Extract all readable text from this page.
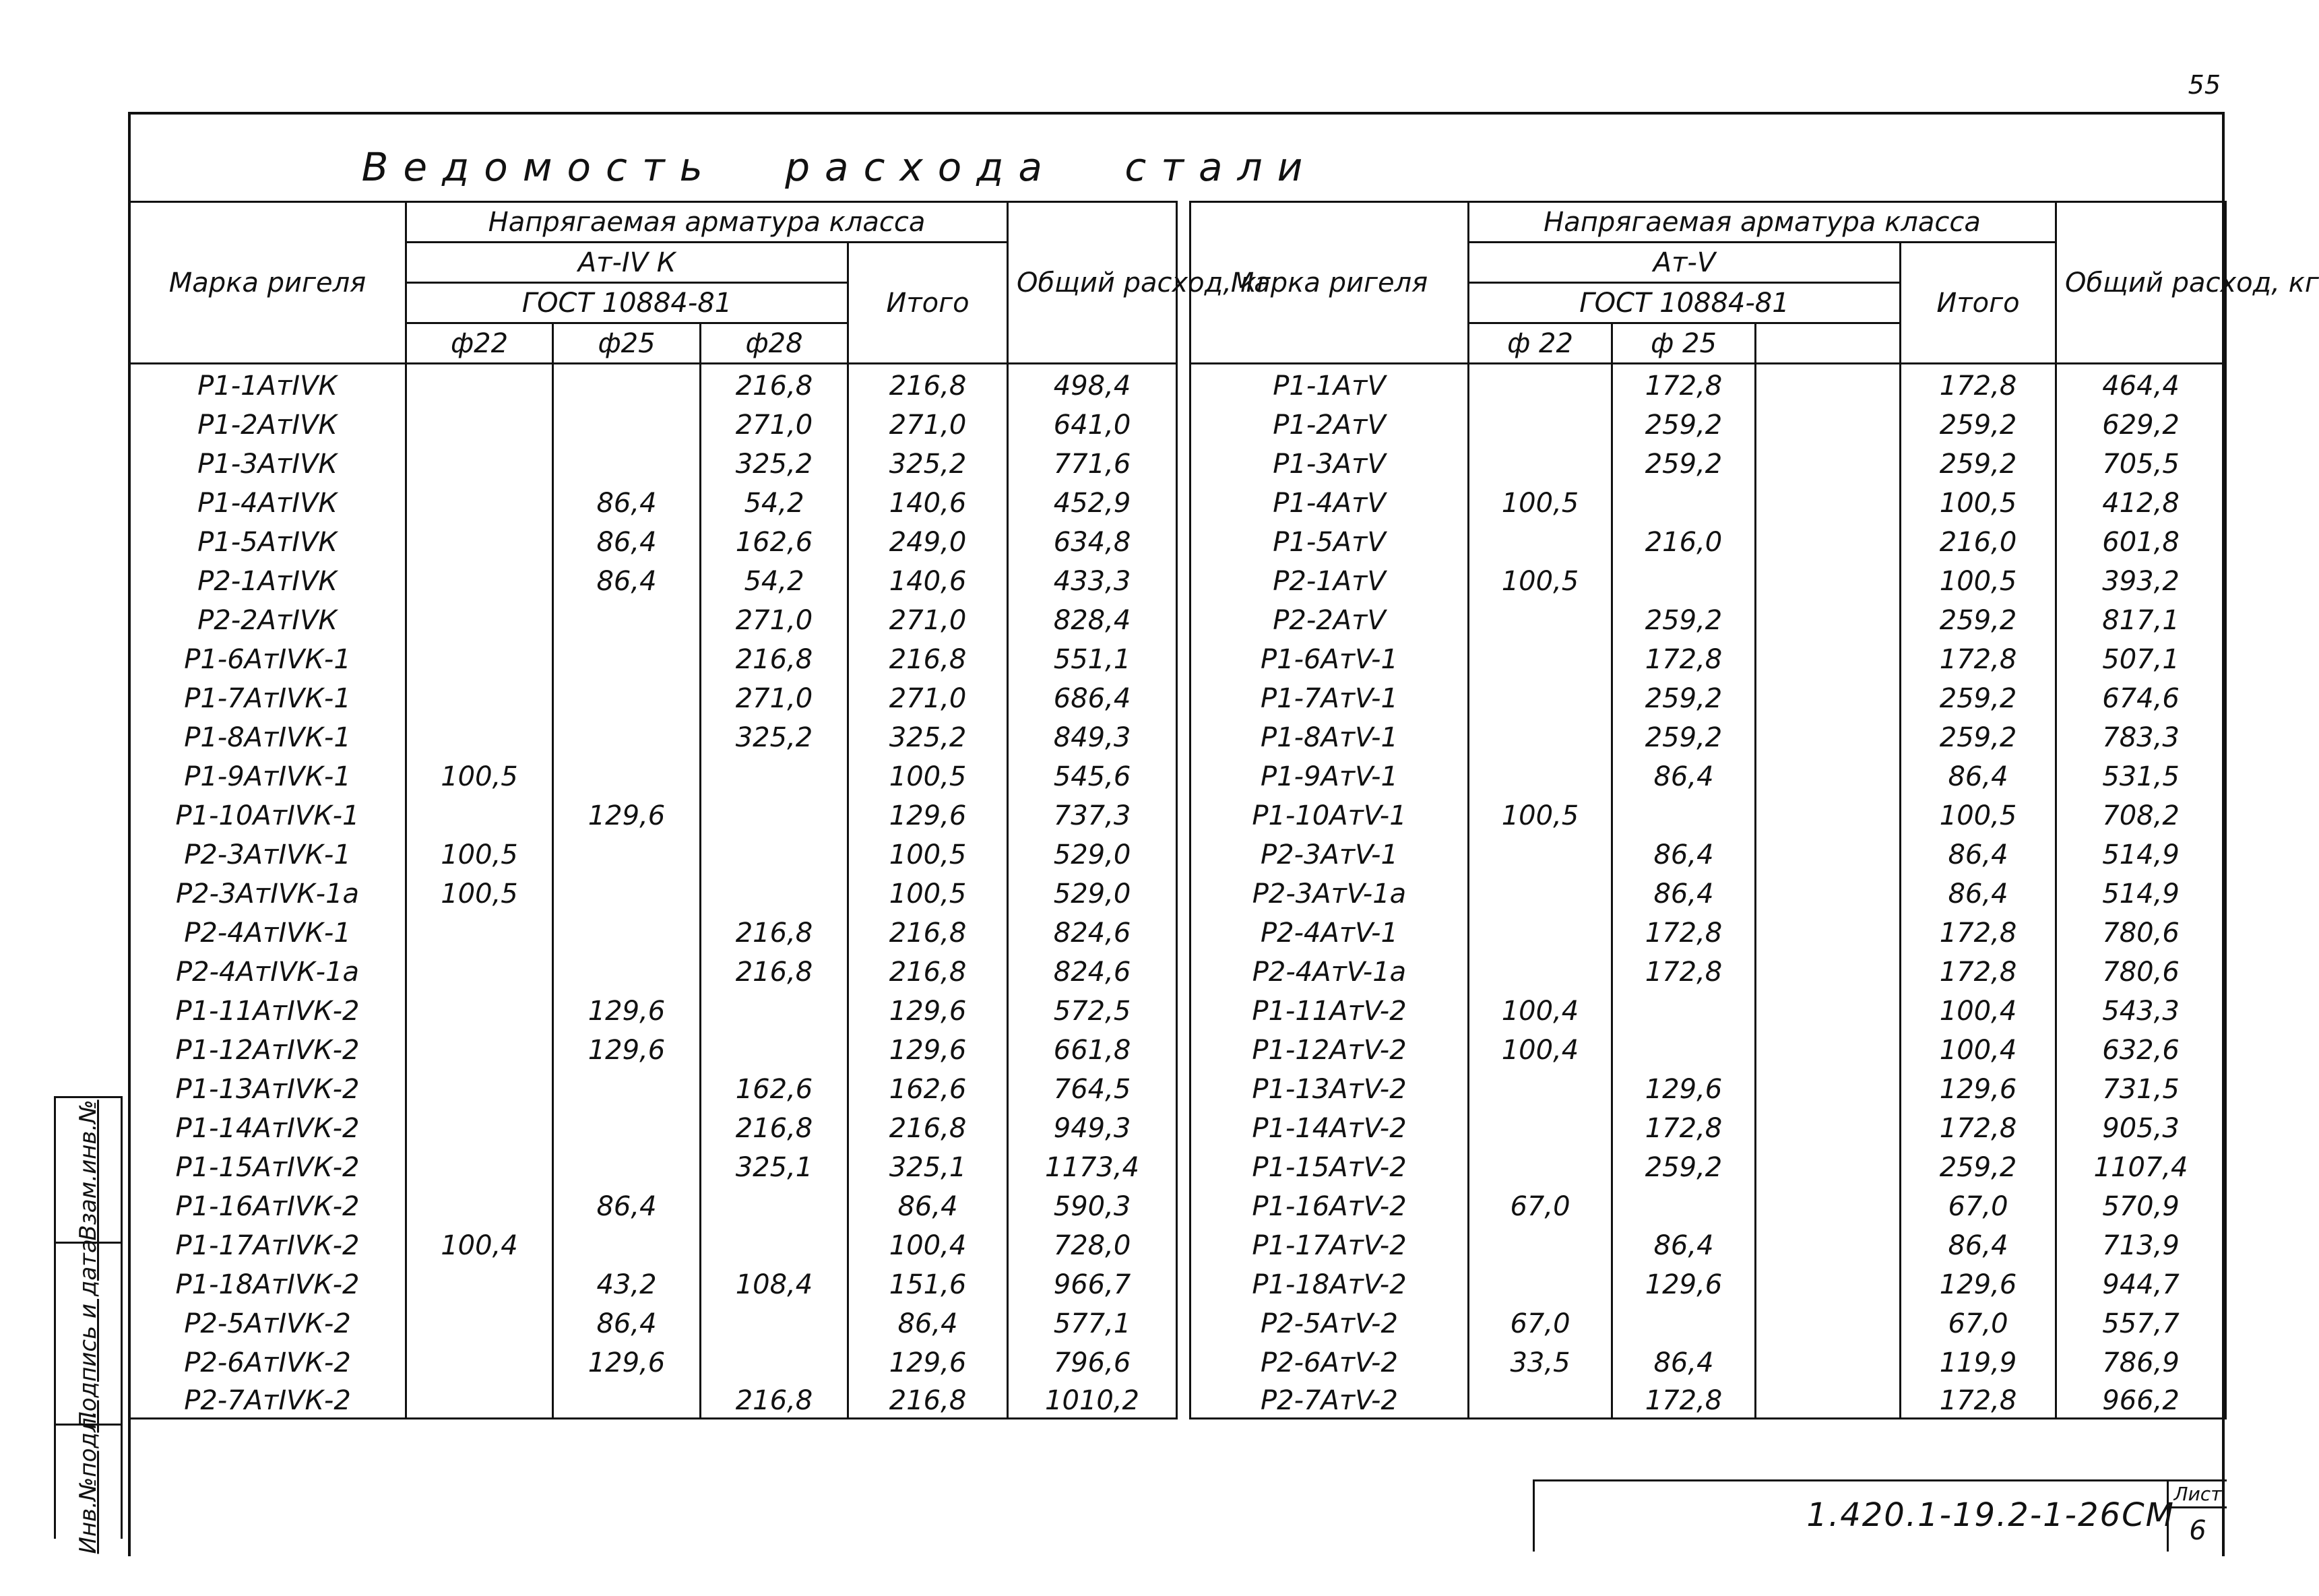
55
Ведомость расхода стали
Марка ригеля	Напрягаемая арматура класса				Общий расход, кг
	Ат-IV К			Итого	
	ГОСТ 10884-81				
	ф22	ф25	ф28		
Р1-1АтIVК			216,8	216,8	498,4
Р1-2АтIVК			271,0	271,0	641,0
Р1-3АтIVК			325,2	325,2	771,6
Р1-4АтIVК		86,4	54,2	140,6	452,9
Р1-5АтIVК		86,4	162,6	249,0	634,8
Р2-1АтIVК		86,4	54,2	140,6	433,3
Р2-2АтIVК			271,0	271,0	828,4
Р1-6АтIVК-1			216,8	216,8	551,1
Р1-7АтIVК-1			271,0	271,0	686,4
Р1-8АтIVК-1			325,2	325,2	849,3
Р1-9АтIVК-1	100,5			100,5	545,6
Р1-10АтIVК-1		129,6		129,6	737,3
Р2-3АтIVК-1	100,5			100,5	529,0
Р2-3АтIVК-1а	100,5			100,5	529,0
Р2-4АтIVК-1			216,8	216,8	824,6
Р2-4АтIVК-1а			216,8	216,8	824,6
Р1-11АтIVК-2		129,6		129,6	572,5
Р1-12АтIVК-2		129,6		129,6	661,8
Р1-13АтIVК-2			162,6	162,6	764,5
Р1-14АтIVК-2			216,8	216,8	949,3
Р1-15АтIVК-2			325,1	325,1	1173,4
Р1-16АтIVК-2		86,4		86,4	590,3
Р1-17АтIVК-2	100,4			100,4	728,0
Р1-18АтIVК-2		43,2	108,4	151,6	966,7
Р2-5АтIVК-2		86,4		86,4	577,1
Р2-6АтIVК-2		129,6		129,6	796,6
Р2-7АтIVК-2			216,8	216,8	1010,2
Марка ригеля	Напрягаемая арматура класса				Общий расход, кг
	Ат-V			Итого	
	ГОСТ 10884-81				
	ф 22	ф 25			
Р1-1АтV		172,8		172,8	464,4
Р1-2АтV		259,2		259,2	629,2
Р1-3АтV		259,2		259,2	705,5
Р1-4АтV	100,5			100,5	412,8
Р1-5АтV		216,0		216,0	601,8
Р2-1АтV	100,5			100,5	393,2
Р2-2АтV		259,2		259,2	817,1
Р1-6АтV-1		172,8		172,8	507,1
Р1-7АтV-1		259,2		259,2	674,6
Р1-8АтV-1		259,2		259,2	783,3
Р1-9АтV-1		86,4		86,4	531,5
Р1-10АтV-1	100,5			100,5	708,2
Р2-3АтV-1		86,4		86,4	514,9
Р2-3АтV-1а		86,4		86,4	514,9
Р2-4АтV-1		172,8		172,8	780,6
Р2-4АтV-1а		172,8		172,8	780,6
Р1-11АтV-2	100,4			100,4	543,3
Р1-12АтV-2	100,4			100,4	632,6
Р1-13АтV-2		129,6		129,6	731,5
Р1-14АтV-2		172,8		172,8	905,3
Р1-15АтV-2		259,2		259,2	1107,4
Р1-16АтV-2	67,0			67,0	570,9
Р1-17АтV-2		86,4		86,4	713,9
Р1-18АтV-2		129,6		129,6	944,7
Р2-5АтV-2	67,0			67,0	557,7
Р2-6АтV-2	33,5	86,4		119,9	786,9
Р2-7АтV-2		172,8		172,8	966,2
Взам.инв.№
Подпись и дата
Инв.№подл.	1.420.1-19.2-1-26СМ
Лист
6
